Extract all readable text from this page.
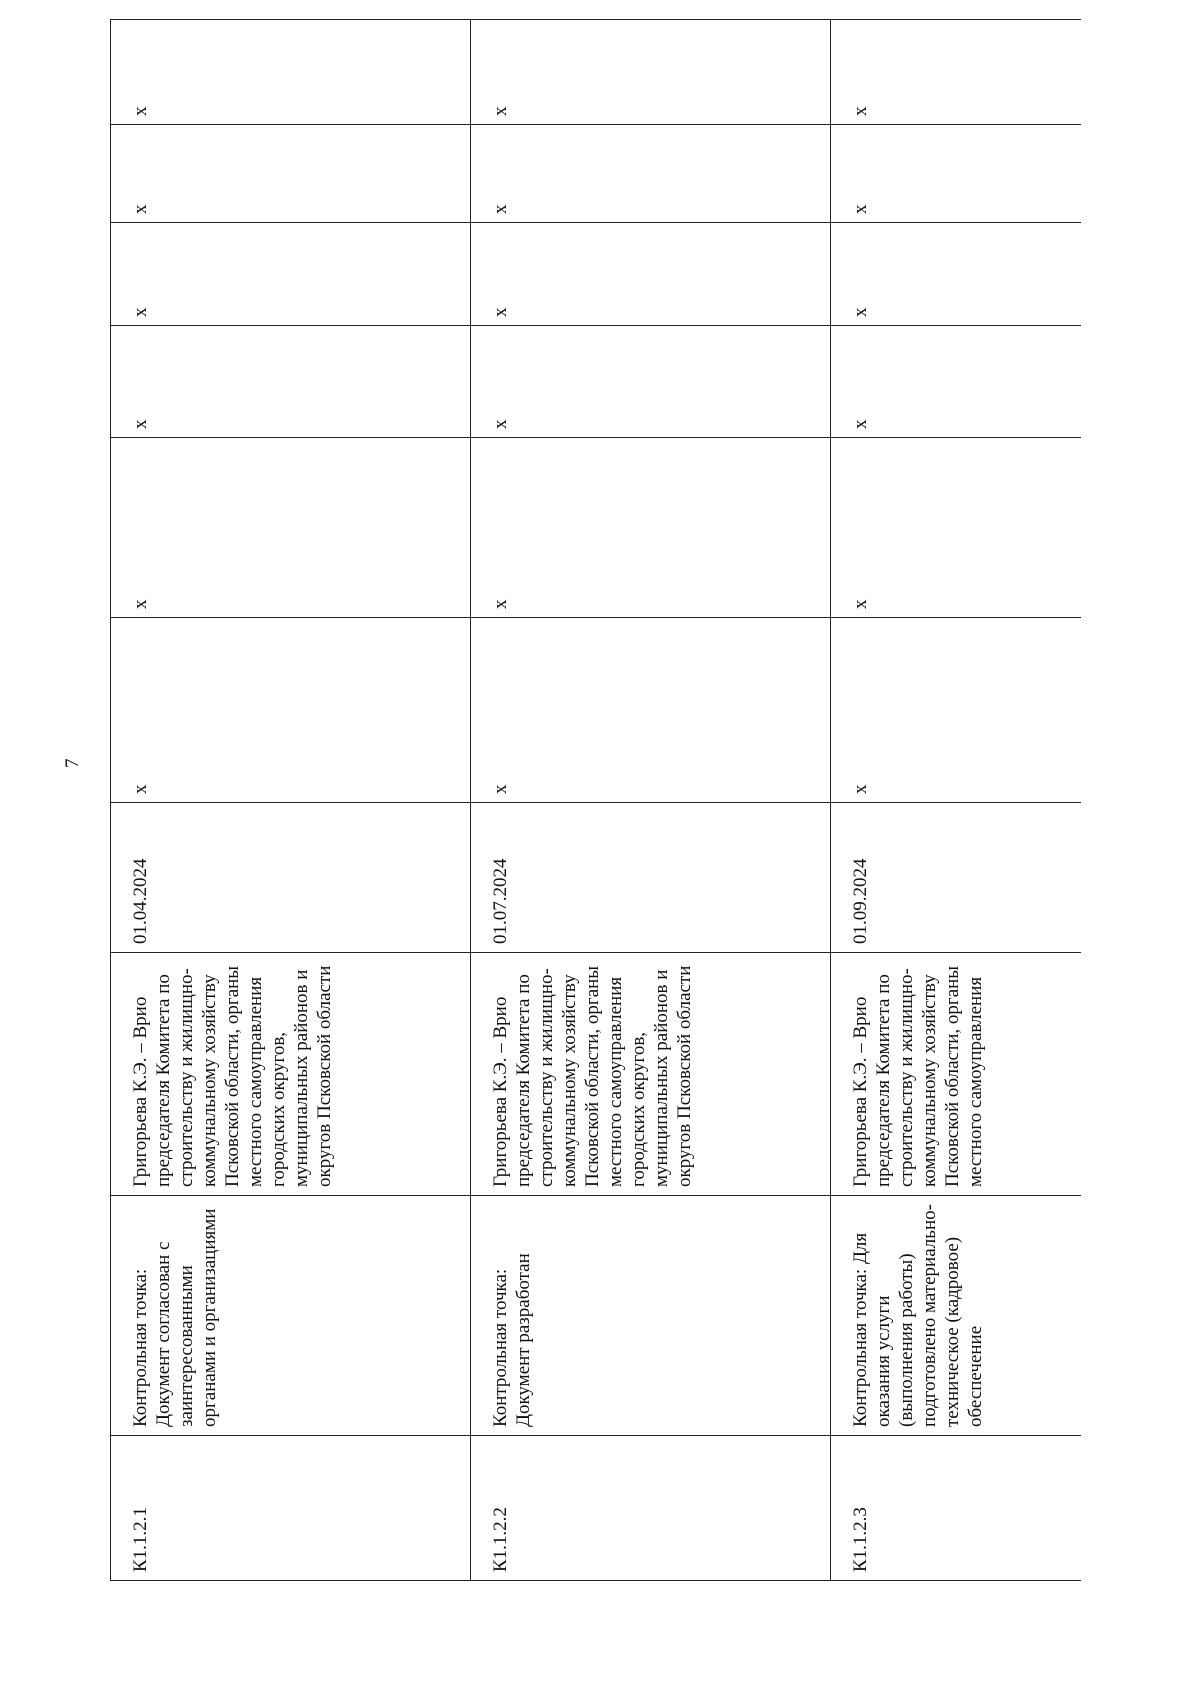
7
К1.1.2.1	Контрольная точка: Документ согласован с заинтересованными органами и организациями	Григорьева К.Э. – Врио председателя Комитета по строительству и жилищно-коммунальному хозяйству Псковской области, органы местного самоуправления городских округов, муниципальных районов и округов Псковской области	01.04.2024	х	х	х	х	х	х
К1.1.2.2	Контрольная точка: Документ разработан	Григорьева К.Э. – Врио председателя Комитета по строительству и жилищно-коммунальному хозяйству Псковской области, органы местного самоуправления городских округов, муниципальных районов и округов Псковской области	01.07.2024	х	х	х	х	х	х
К1.1.2.3	Контрольная точка: Для оказания услуги (выполнения работы) подготовлено материально-техническое (кадровое) обеспечение	Григорьева К.Э. – Врио председателя Комитета по строительству и жилищно-коммунальному хозяйству Псковской области, органы местного самоуправления	01.09.2024	х	х	х	х	х	х
